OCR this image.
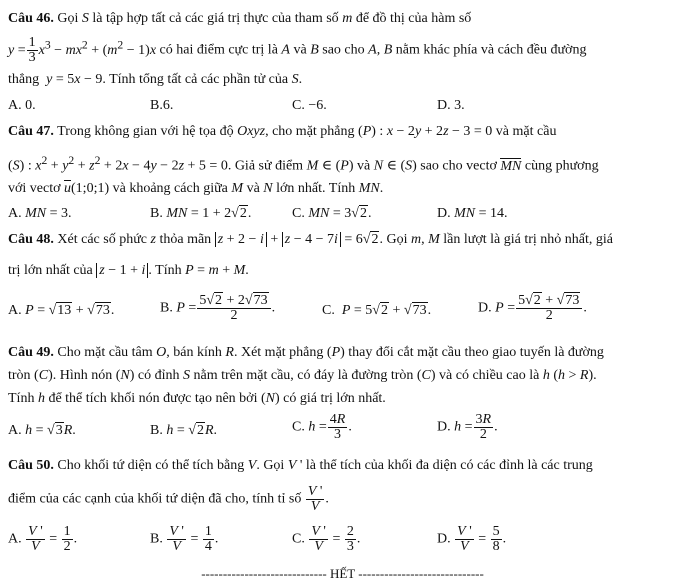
Câu 46. Gọi S là tập hợp tất cả các giá trị thực của tham số m để đồ thị của hàm số
$y = \frac{1}{3} x^3 - mx^2 + (m^2 - 1)x$ có hai điểm cực trị là A và B sao cho A, B nằm khác phía và cách đều đường
thẳng  y = 5x − 9. Tính tổng tất cả các phần tử của S.
A. 0.	B.6.	C. −6.	D. 3.
Câu 47. Trong không gian với hệ tọa độ Oxyz, cho mặt phẳng (P) : x − 2y + 2z − 3 = 0 và mặt cầu
(S) : $x^2 + y^2 + z^2 + 2x - 4y - 2z + 5 = 0$. Giả sử điểm M ∈ (P) và N ∈ (S) sao cho vectơ MN cùng phương
với vectơ u(1;0;1) và khoảng cách giữa M và N lớn nhất. Tính MN.
A. MN = 3.	B. MN = 1 + 2√2.	C. MN = 3√2.	D. MN = 14.
Câu 48. Xét các số phức z thỏa mãn z + 2 − i + z − 4 − 7i = 6√2. Gọi m, M lần lượt là giá trị nhỏ nhất, giá
trị lớn nhất của z − 1 + i . Tính P = m + M.
A. P = √13 + √73.	B. $P = \frac{5√2 + 2√73}{2}$ .	C.  P = 5√2 + √73.	D. $P = \frac{5√2 + √73}{2}$ .
Câu 49. Cho mặt cầu tâm O, bán kính R. Xét mặt phẳng (P) thay đổi cắt mặt cầu theo giao tuyến là đường
tròn (C). Hình nón (N) có đỉnh S nằm trên mặt cầu, có đáy là đường tròn (C) và có chiều cao là h (h > R).
Tính h để thể tích khối nón được tạo nên bởi (N) có giá trị lớn nhất.
A. h = √3R.	B. h = √2R.	C. $h = \frac{4R}{3}$ .	D. $h = \frac{3R}{2}$ .
Câu 50. Cho khối tứ diện có thể tích bằng V. Gọi V ' là thể tích của khối đa diện có các đỉnh là các trung
điểm của các cạnh của khối tứ diện đã cho, tính tỉ số $\frac{V '}{V}$ .
A. $\frac{V '}{V} = \frac{1}{2}$ .	B. $\frac{V '}{V} = \frac{1}{4}$ .	C. $\frac{V '}{V} = \frac{2}{3}$ .	D. $\frac{V '}{V} = \frac{5}{8}$ .
----------------------------- HẾT -----------------------------
